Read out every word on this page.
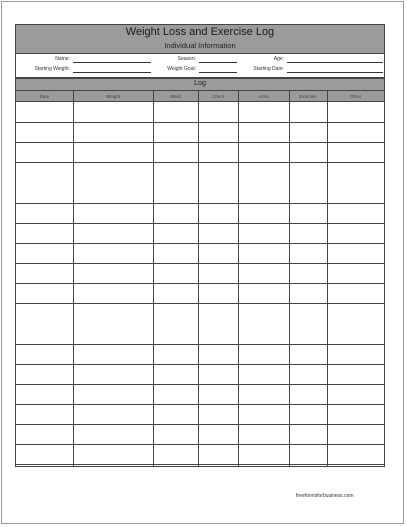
Weight Loss and Exercise Log
Individual Information
Name:	Season:	Age:
Starting Weight:	Weight Goal:	Starting Date:
Log
Date	Weight	Waist	Chest	Arms	Exercise	Other
freeformsforbusiness.com
